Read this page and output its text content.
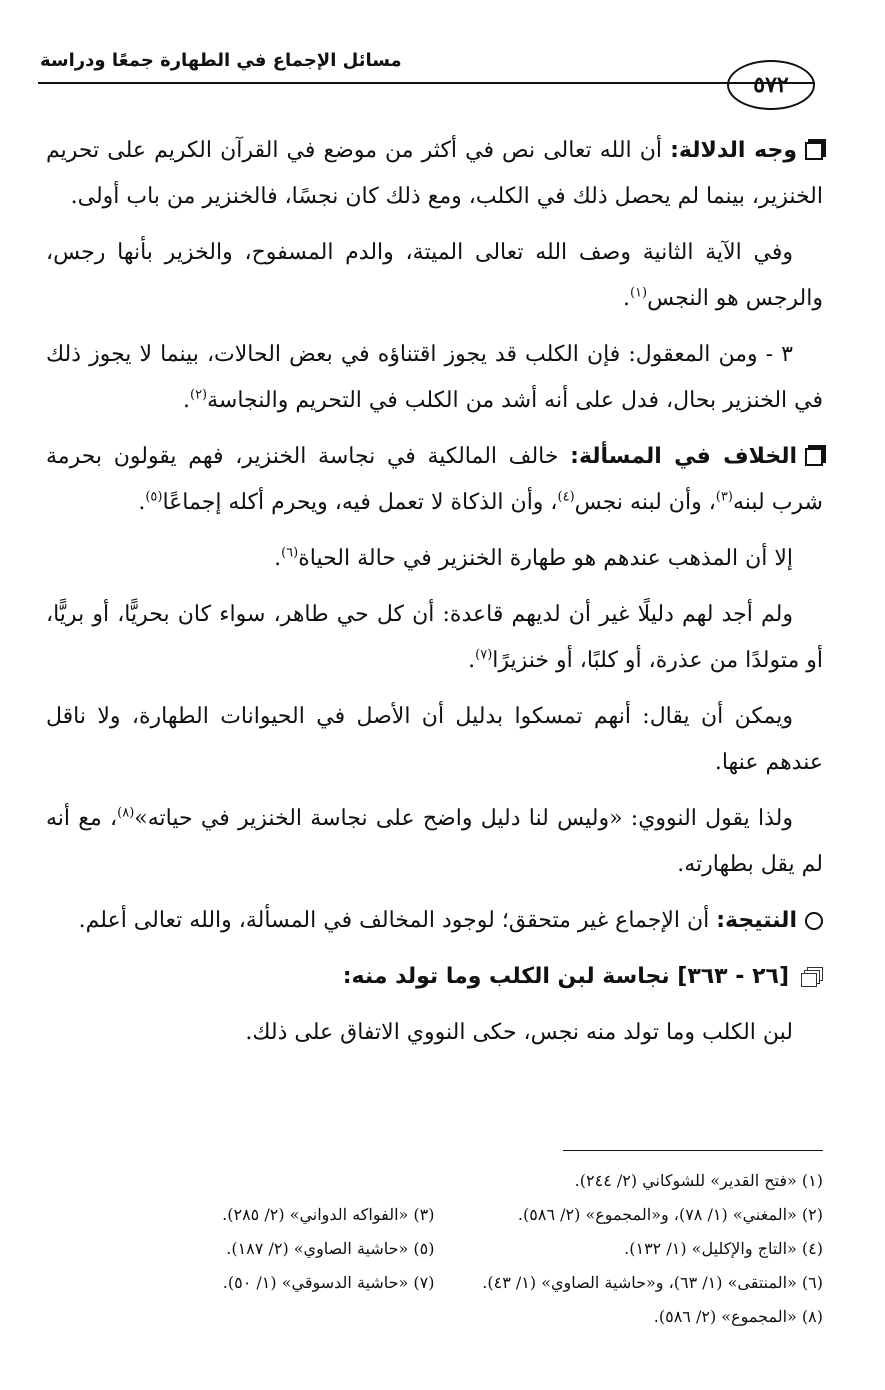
٥٧٢
مسائل الإجماع في الطهارة جمعًا ودراسة

وجه الدلالة: أن الله تعالى نص في أكثر من موضع في القرآن الكريم على تحريم الخنزير، بينما لم يحصل ذلك في الكلب، ومع ذلك كان نجسًا، فالخنزير من باب أولى.

وفي الآية الثانية وصف الله تعالى الميتة، والدم المسفوح، والخزير بأنها رجس، والرجس هو النجس$^{(١)}$.

٣ - ومن المعقول: فإن الكلب قد يجوز اقتناؤه في بعض الحالات، بينما لا يجوز ذلك في الخنزير بحال، فدل على أنه أشد من الكلب في التحريم والنجاسة$^{(٢)}$.

الخلاف في المسألة: خالف المالكية في نجاسة الخنزير، فهم يقولون بحرمة شرب لبنه$^{(٣)}$، وأن لبنه نجس$^{(٤)}$، وأن الذكاة لا تعمل فيه، ويحرم أكله إجماعًا$^{(٥)}$.

إلا أن المذهب عندهم هو طهارة الخنزير في حالة الحياة$^{(٦)}$.

ولم أجد لهم دليلًا غير أن لديهم قاعدة: أن كل حي طاهر، سواء كان بحريًّا، أو بريًّا، أو متولدًا من عذرة، أو كلبًا، أو خنزيرًا$^{(٧)}$.

ويمكن أن يقال: أنهم تمسكوا بدليل أن الأصل في الحيوانات الطهارة، ولا ناقل عندهم عنها.

ولذا يقول النووي: «وليس لنا دليل واضح على نجاسة الخنزير في حياته»$^{(٨)}$، مع أنه لم يقل بطهارته.

النتيجة: أن الإجماع غير متحقق؛ لوجود المخالف في المسألة، والله تعالى أعلم.

[٢٦ - ٣٦٣] نجاسة لبن الكلب وما تولد منه:

لبن الكلب وما تولد منه نجس، حكى النووي الاتفاق على ذلك.

(١) «فتح القدير» للشوكاني (٢/ ٢٤٤).
(٢) «المغني» (١/ ٧٨)، و«المجموع» (٢/ ٥٨٦).
(٣) «الفواكه الدواني» (٢/ ٢٨٥).
(٤) «التاج والإكليل» (١/ ١٣٢).
(٥) «حاشية الصاوي» (٢/ ١٨٧).
(٦) «المنتقى» (١/ ٦٣)، و«حاشية الصاوي» (١/ ٤٣).
(٧) «حاشية الدسوقي» (١/ ٥٠).
(٨) «المجموع» (٢/ ٥٨٦).
